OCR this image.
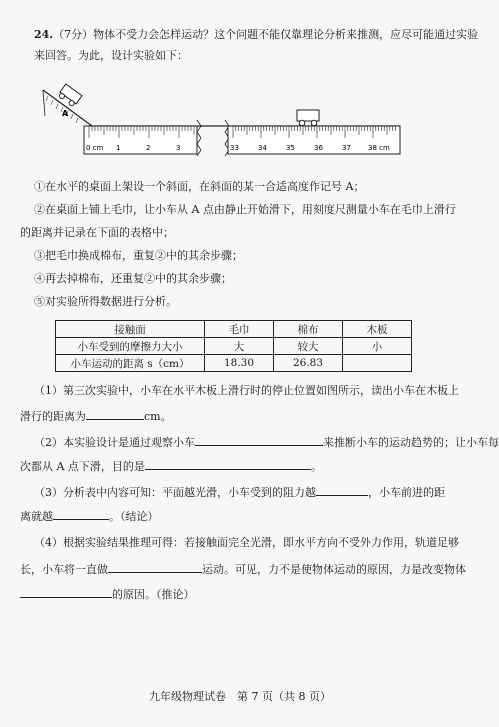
24.（7分）物体不受力会怎样运动？这个问题不能仅靠理论分析来推测，应尽可能通过实验
来回答。为此，设计实验如下：
A
0 cm 1	2	3	33	34	35	36	37 38 cm
①在水平的桌面上架设一个斜面，在斜面的某一合适高度作记号 A；
②在桌面上铺上毛巾，让小车从 A 点由静止开始滑下，用刻度尺测量小车在毛巾上滑行
的距离并记录在下面的表格中；
③把毛巾换成棉布，重复②中的其余步骤；
④再去掉棉布，还重复②中的其余步骤；
⑤对实验所得数据进行分析。
接触面	毛巾	棉布	木板
小车受到的摩擦力大小	大	较大	小
小车运动的距离 s（cm）	18.30	26.83	
（1）第三次实验中，小车在水平木板上滑行时的停止位置如图所示，读出小车在木板上
滑行的距离为	cm。
（2）本实验设计是通过观察小车	来推断小车的运动趋势的；让小车每
次都从 A 点下滑，目的是	。
（3）分析表中内容可知：平面越光滑，小车受到的阻力越	，小车前进的距
离就越	。（结论）
（4）根据实验结果推理可得：若接触面完全光滑，即水平方向不受外力作用，轨道足够
长，小车将一直做	运动。可见，力不是使物体运动的原因，力是改变物体
的原因。（推论）
九年级物理试卷　第 7 页（共 8 页）
